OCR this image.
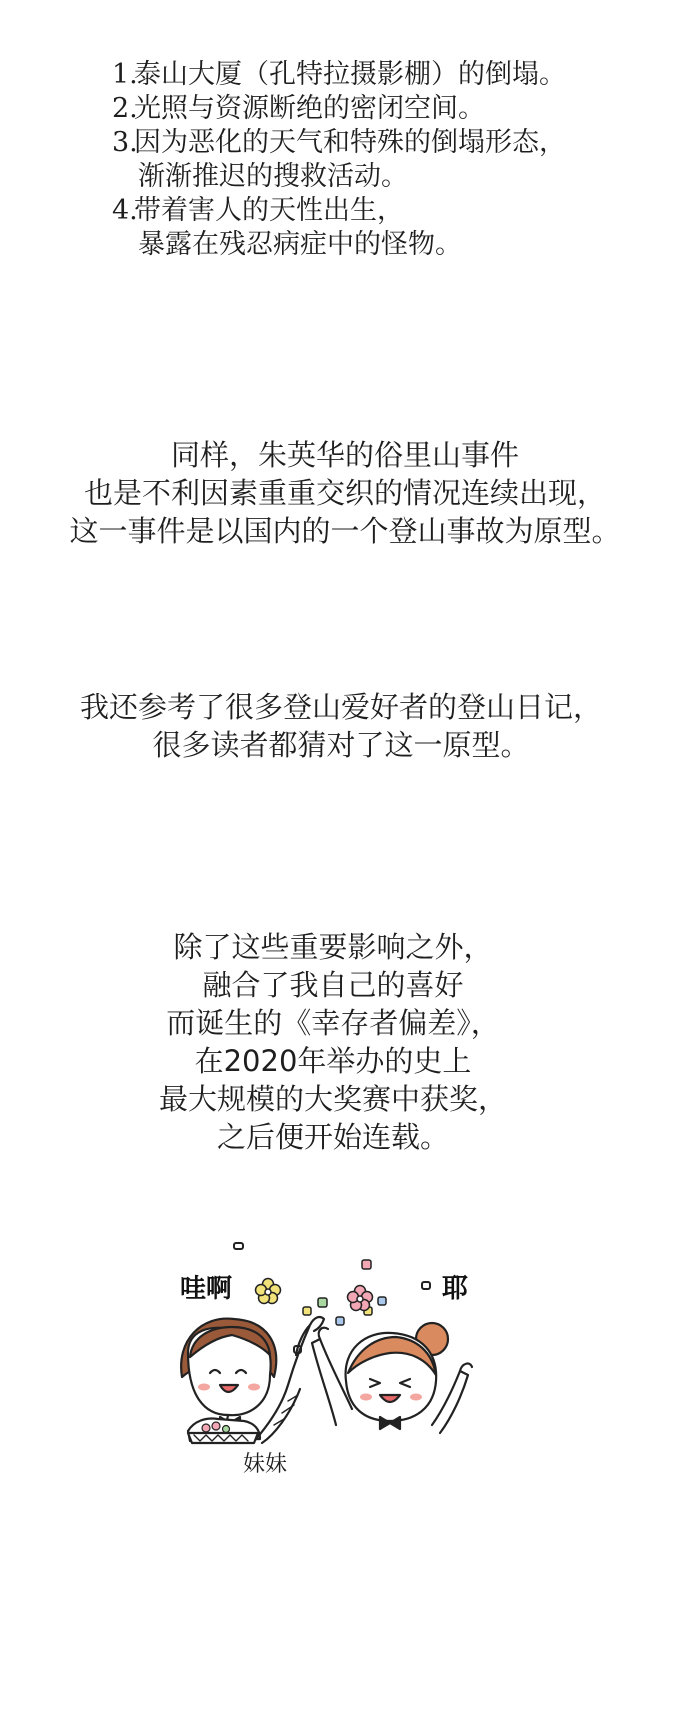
1.
泰山大厦（孔特拉摄影棚）的倒塌。
2.
光照与资源断绝的密闭空间。
3.
因为恶化的天气和特殊的倒塌形态，
渐渐推迟的搜救活动。
4.
带着害人的天性出生，
暴露在残忍病症中的怪物。

同样，朱英华的俗里山事件

也是不利因素重重交织的情况连续出现，

这一事件是以国内的一个登山事故为原型。

我还参考了很多登山爱好者的登山日记，

很多读者都猜对了这一原型。

除了这些重要影响之外，

融合了我自己的喜好

而诞生的《幸存者偏差》，

在2020年举办的史上

最大规模的大奖赛中获奖，

之后便开始连载。

哇啊	耶
妹妹
